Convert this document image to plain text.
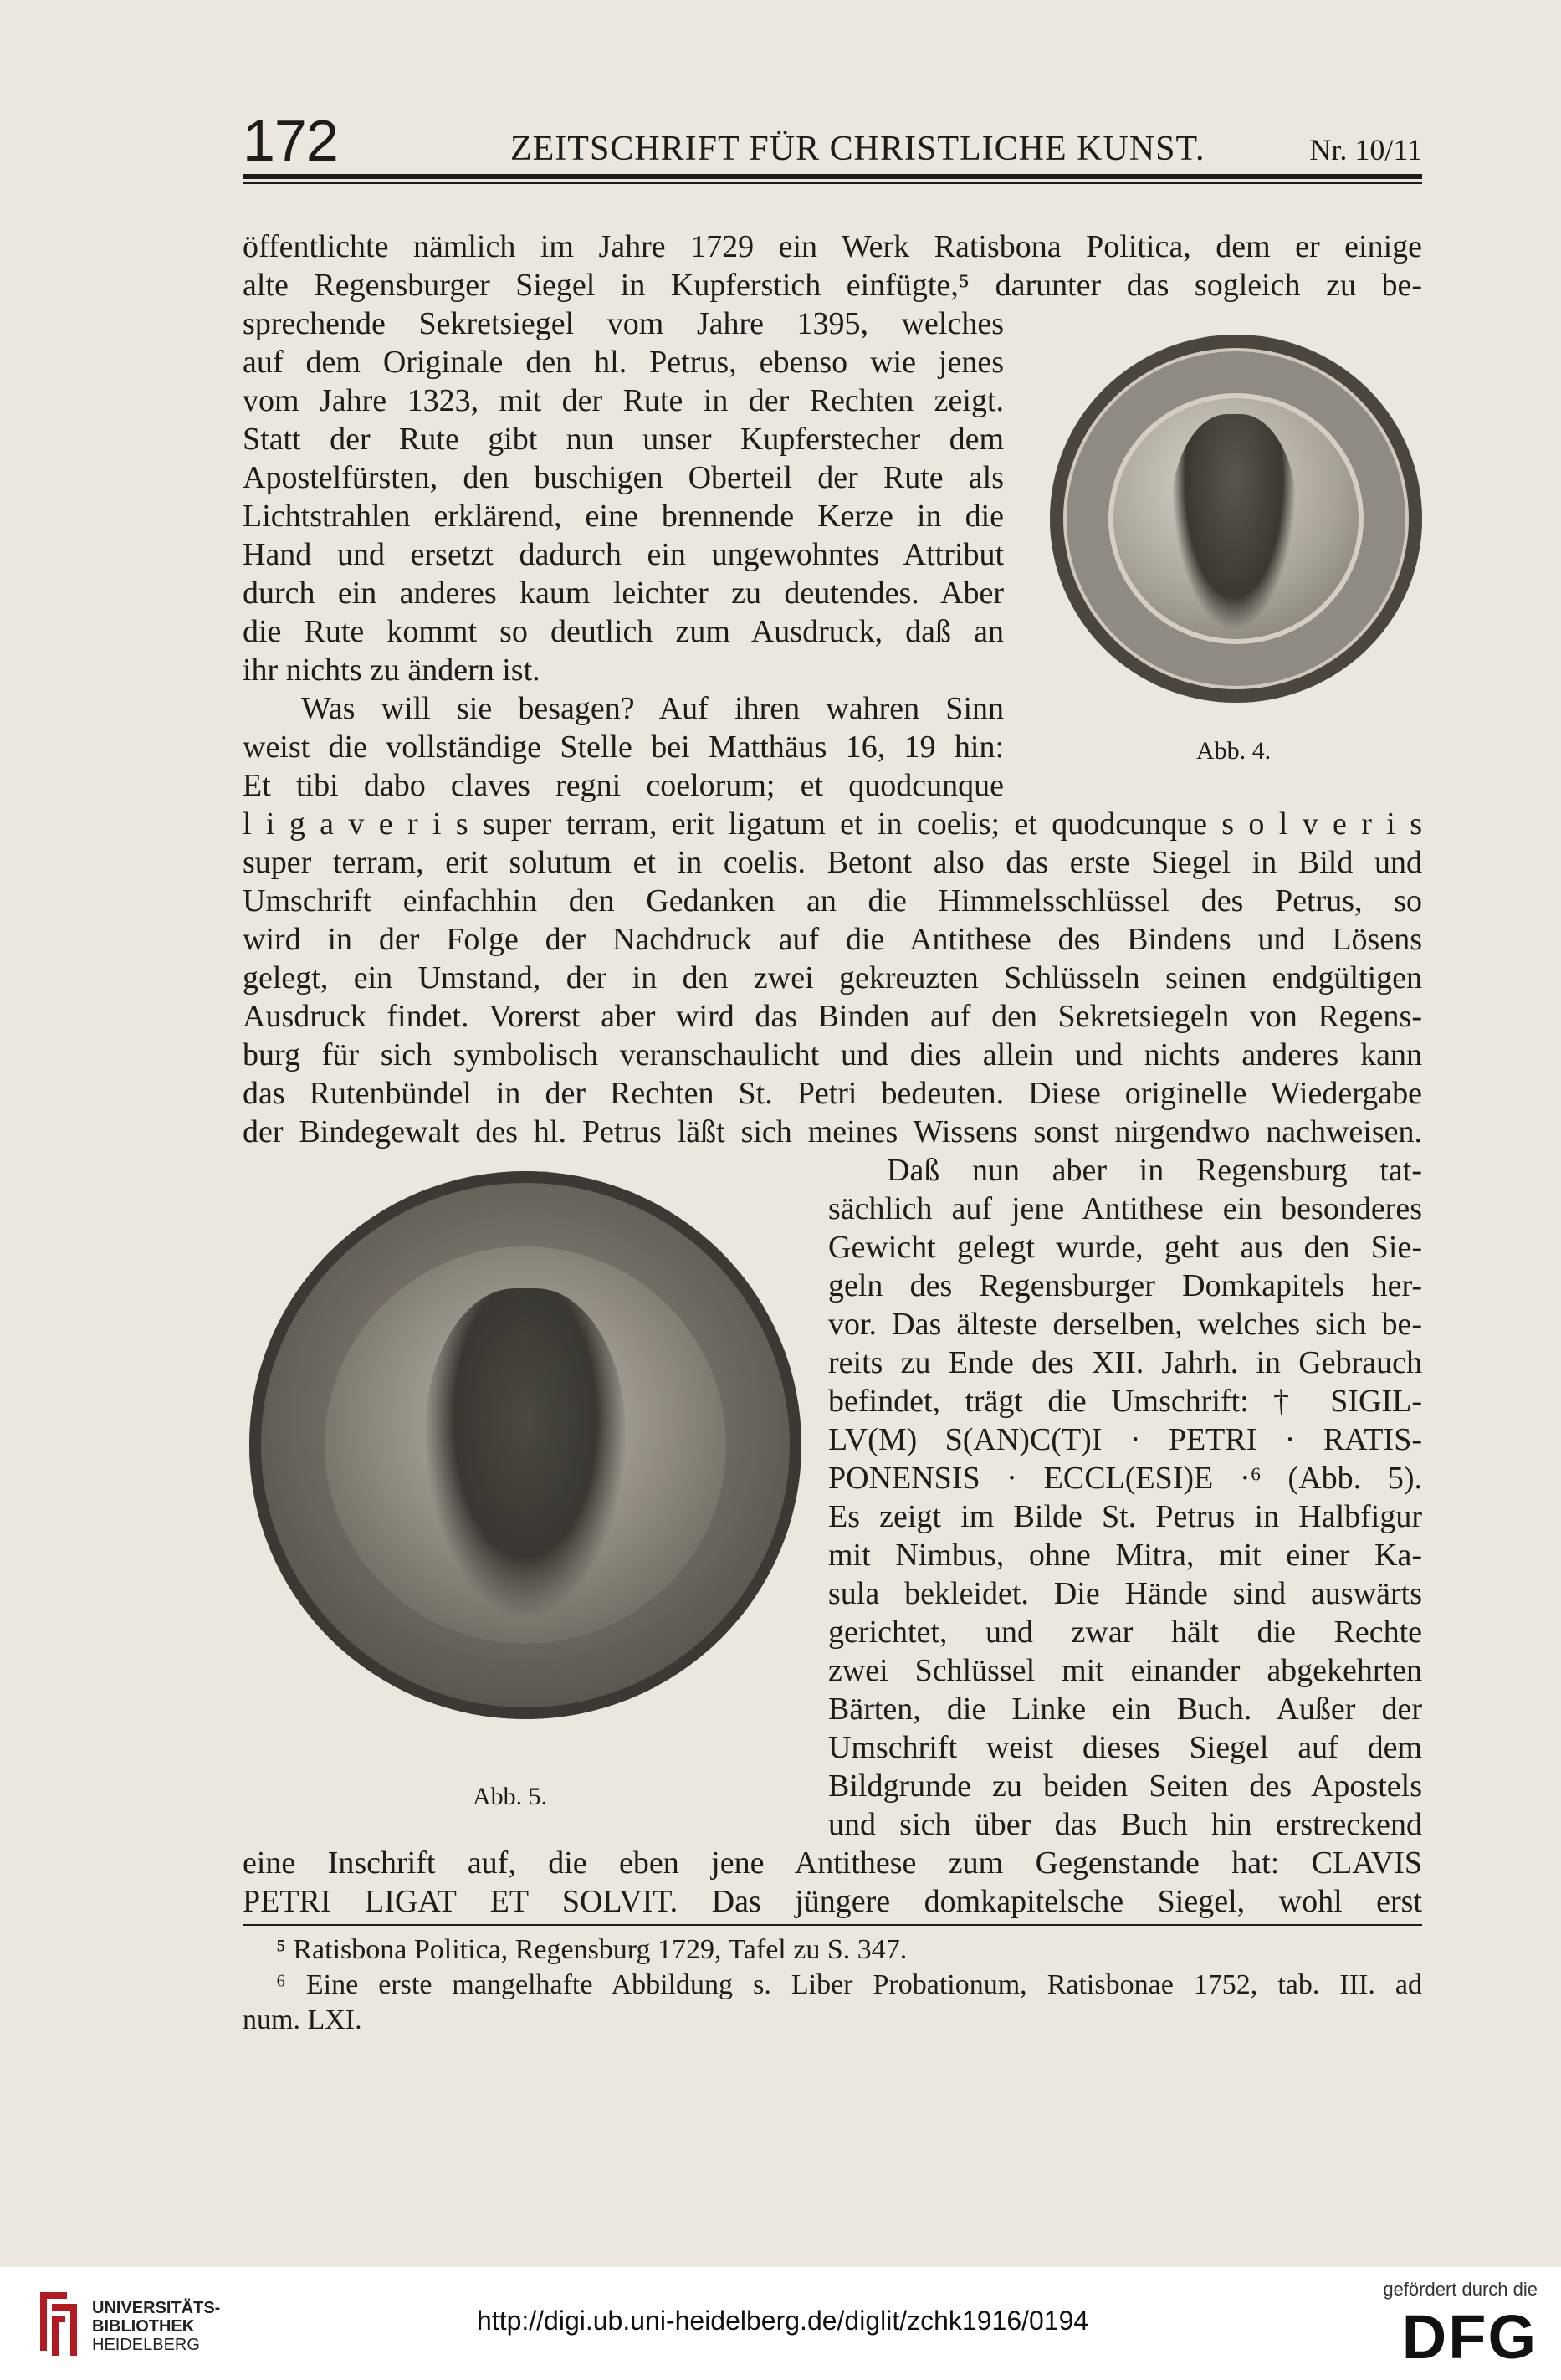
172	ZEITSCHRIFT FÜR CHRISTLICHE KUNST.	Nr. 10/11
Abb. 4.
Abb. 5.
öffentlichte nämlich im Jahre 1729 ein Werk Ratisbona Politica, dem er einige
alte Regensburger Siegel in Kupferstich einfügte,⁵ darunter das sogleich zu be-
sprechende Sekretsiegel vom Jahre 1395, welches
auf dem Originale den hl. Petrus, ebenso wie jenes
vom Jahre 1323, mit der Rute in der Rechten zeigt.
Statt der Rute gibt nun unser Kupferstecher dem
Apostelfürsten, den buschigen Oberteil der Rute als
Lichtstrahlen erklärend, eine brennende Kerze in die
Hand und ersetzt dadurch ein ungewohntes Attribut
durch ein anderes kaum leichter zu deutendes. Aber
die Rute kommt so deutlich zum Ausdruck, daß an
ihr nichts zu ändern ist.
Was will sie besagen? Auf ihren wahren Sinn
weist die vollständige Stelle bei Matthäus 16, 19 hin:
Et tibi dabo claves regni coelorum; et quodcunque
l i g a v e r i s super terram, erit ligatum et in coelis; et quodcunque s o l v e r i s
super terram, erit solutum et in coelis. Betont also das erste Siegel in Bild und
Umschrift einfachhin den Gedanken an die Himmelsschlüssel des Petrus, so
wird in der Folge der Nachdruck auf die Antithese des Bindens und Lösens
gelegt, ein Umstand, der in den zwei gekreuzten Schlüsseln seinen endgültigen
Ausdruck findet. Vorerst aber wird das Binden auf den Sekretsiegeln von Regens-
burg für sich symbolisch veranschaulicht und dies allein und nichts anderes kann
das Rutenbündel in der Rechten St. Petri bedeuten. Diese originelle Wiedergabe
der Bindegewalt des hl. Petrus läßt sich meines Wissens sonst nirgendwo nachweisen.
Daß nun aber in Regensburg tat-
sächlich auf jene Antithese ein besonderes
Gewicht gelegt wurde, geht aus den Sie-
geln des Regensburger Domkapitels her-
vor. Das älteste derselben, welches sich be-
reits zu Ende des XII. Jahrh. in Gebrauch
befindet, trägt die Umschrift: † SIGIL-
LV(M) S(AN)C(T)I · PETRI · RATIS-
PONENSIS · ECCL(ESI)E ·⁶ (Abb. 5).
Es zeigt im Bilde St. Petrus in Halbfigur
mit Nimbus, ohne Mitra, mit einer Ka-
sula bekleidet. Die Hände sind auswärts
gerichtet, und zwar hält die Rechte
zwei Schlüssel mit einander abgekehrten
Bärten, die Linke ein Buch. Außer der
Umschrift weist dieses Siegel auf dem
Bildgrunde zu beiden Seiten des Apostels
und sich über das Buch hin erstreckend
eine Inschrift auf, die eben jene Antithese zum Gegenstande hat: CLAVIS
PETRI LIGAT ET SOLVIT. Das jüngere domkapitelsche Siegel, wohl erst
⁵ Ratisbona Politica, Regensburg 1729, Tafel zu S. 347.
⁶ Eine erste mangelhafte Abbildung s. Liber Probationum, Ratisbonae 1752, tab. III. ad
num. LXI.
UNIVERSITÄTS-
BIBLIOTHEK
HEIDELBERG
http://digi.ub.uni-heidelberg.de/diglit/zchk1916/0194
gefördert durch die
DFG
